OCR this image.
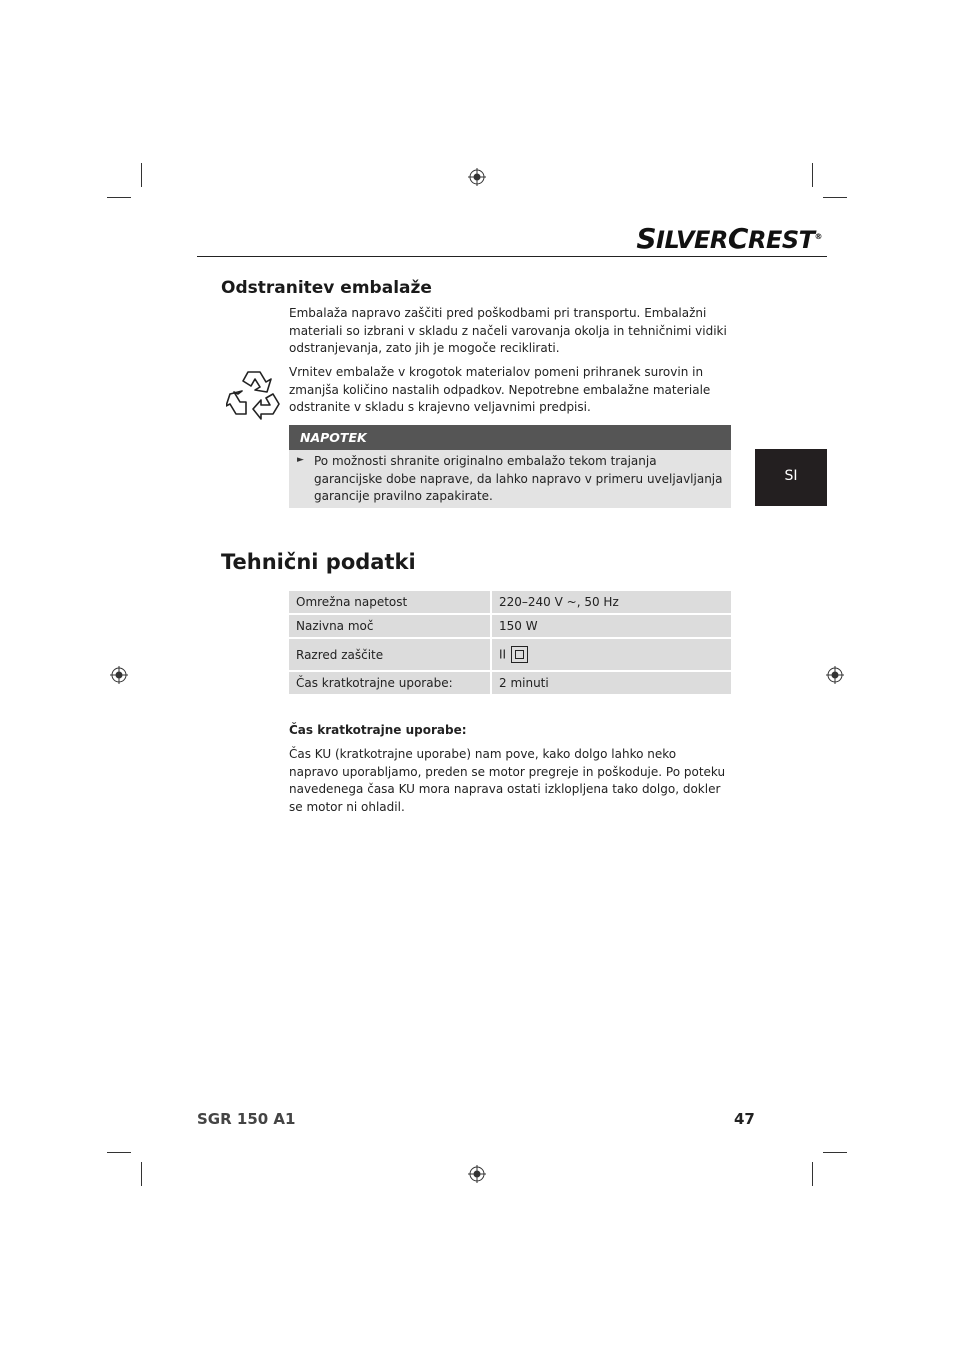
SILVERCREST®
Odstranitev embalaže

Embalaža napravo zaščiti pred poškodbami pri transportu. Embalažni materiali so izbrani v skladu z načeli varovanja okolja in tehničnimi vidiki odstranjevanja, zato jih je mogoče reciklirati.

Vrnitev embalaže v krogotok materialov pomeni prihranek surovin in zmanjša količino nastalih odpadkov. Nepotrebne embalažne materiale odstranite v skladu s krajevno veljavnimi predpisi.

NAPOTEK
► Po možnosti shranite originalno embalažo tekom trajanja garancijske dobe naprave, da lahko napravo v primeru uveljavljanja garancije pravilno zapakirate.
SI
Tehnični podatki
Omrežna napetost	220–240 V ~, 50 Hz
Nazivna moč	150 W
Razred zaščite	II
Čas kratkotrajne uporabe:	2 minuti

Čas kratkotrajne uporabe:

Čas KU (kratkotrajne uporabe) nam pove, kako dolgo lahko neko napravo uporabljamo, preden se motor pregreje in poškoduje. Po poteku navedenega časa KU mora naprava ostati izklopljena tako dolgo, dokler se motor ni ohladil.

SGR 150 A1	47
